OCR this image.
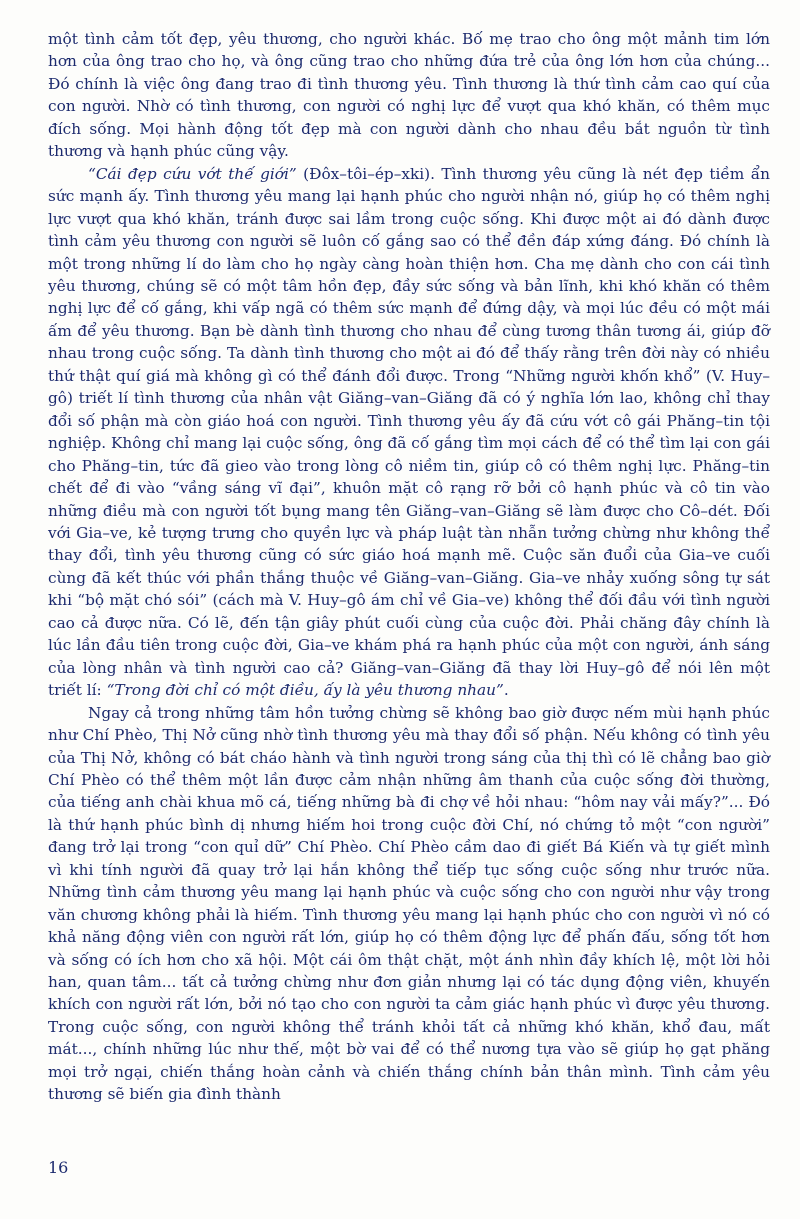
một tình cảm tốt đẹp, yêu thương, cho người khác. Bố mẹ trao cho ông một mảnh tim lớn hơn của ông trao cho họ, và ông cũng trao cho những đứa trẻ của ông lớn hơn của chúng... Đó chính là việc ông đang trao đi tình thương yêu. Tình thương là thứ tình cảm cao quí của con người. Nhờ có tình thương, con người có nghị lực để vượt qua khó khăn, có thêm mục đích sống. Mọi hành động tốt đẹp mà con người dành cho nhau đều bắt nguồn từ tình thương và hạnh phúc cũng vậy.

“Cái đẹp cứu vớt thế giới” (Đôx–tôi–ép–xki). Tình thương yêu cũng là nét đẹp tiềm ẩn sức mạnh ấy. Tình thương yêu mang lại hạnh phúc cho người nhận nó, giúp họ có thêm nghị lực vượt qua khó khăn, tránh được sai lầm trong cuộc sống. Khi được một ai đó dành được tình cảm yêu thương con người sẽ luôn cố gắng sao có thể đền đáp xứng đáng. Đó chính là một trong những lí do làm cho họ ngày càng hoàn thiện hơn. Cha mẹ dành cho con cái tình yêu thương, chúng sẽ có một tâm hồn đẹp, đầy sức sống và bản lĩnh, khi khó khăn có thêm nghị lực để cố gắng, khi vấp ngã có thêm sức mạnh để đứng dậy, và mọi lúc đều có một mái ấm để yêu thương. Bạn bè dành tình thương cho nhau để cùng tương thân tương ái, giúp đỡ nhau trong cuộc sống. Ta dành tình thương cho một ai đó để thấy rằng trên đời này có nhiều thứ thật quí giá mà không gì có thể đánh đổi được. Trong “Những người khốn khổ” (V. Huy–gô) triết lí tình thương của nhân vật Giăng–van–Giăng đã có ý nghĩa lớn lao, không chỉ thay đổi số phận mà còn giáo hoá con người. Tình thương yêu ấy đã cứu vớt cô gái Phăng–tin tội nghiệp. Không chỉ mang lại cuộc sống, ông đã cố gắng tìm mọi cách để có thể tìm lại con gái cho Phăng–tin, tức đã gieo vào trong lòng cô niềm tin, giúp cô có thêm nghị lực. Phăng–tin chết để đi vào “vầng sáng vĩ đại”, khuôn mặt cô rạng rỡ bởi cô hạnh phúc và cô tin vào những điều mà con người tốt bụng mang tên Giăng–van–Giăng sẽ làm được cho Cô–dét. Đối với Gia–ve, kẻ tượng trưng cho quyền lực và pháp luật tàn nhẫn tưởng chừng như không thể thay đổi, tình yêu thương cũng có sức giáo hoá mạnh mẽ. Cuộc săn đuổi của Gia–ve cuối cùng đã kết thúc với phần thắng thuộc về Giăng–van–Giăng. Gia–ve nhảy xuống sông tự sát khi “bộ mặt chó sói” (cách mà V. Huy–gô ám chỉ về Gia–ve) không thể đối đầu với tình người cao cả được nữa. Có lẽ, đến tận giây phút cuối cùng của cuộc đời. Phải chăng đây chính là lúc lần đầu tiên trong cuộc đời, Gia–ve khám phá ra hạnh phúc của một con người, ánh sáng của lòng nhân và tình người cao cả? Giăng–van–Giăng đã thay lời Huy–gô để nói lên một triết lí: “Trong đời chỉ có một điều, ấy là yêu thương nhau”.

Ngay cả trong những tâm hồn tưởng chừng sẽ không bao giờ được nếm mùi hạnh phúc như Chí Phèo, Thị Nở cũng nhờ tình thương yêu mà thay đổi số phận. Nếu không có tình yêu của Thị Nở, không có bát cháo hành và tình người trong sáng của thị thì có lẽ chẳng bao giờ Chí Phèo có thể thêm một lần được cảm nhận những âm thanh của cuộc sống đời thường, của tiếng anh chài khua mõ cá, tiếng những bà đi chợ về hỏi nhau: “hôm nay vải mấy?”... Đó là thứ hạnh phúc bình dị nhưng hiếm hoi trong cuộc đời Chí, nó chứng tỏ một “con người” đang trở lại trong “con quỉ dữ” Chí Phèo. Chí Phèo cầm dao đi giết Bá Kiến và tự giết mình vì khi tính người đã quay trở lại hắn không thể tiếp tục sống cuộc sống như trước nữa. Những tình cảm thương yêu mang lại hạnh phúc và cuộc sống cho con người như vậy trong văn chương không phải là hiếm. Tình thương yêu mang lại hạnh phúc cho con người vì nó có khả năng động viên con người rất lớn, giúp họ có thêm động lực để phấn đấu, sống tốt hơn và sống có ích hơn cho xã hội. Một cái ôm thật chặt, một ánh nhìn đầy khích lệ, một lời hỏi han, quan tâm... tất cả tưởng chừng như đơn giản nhưng lại có tác dụng động viên, khuyến khích con người rất lớn, bởi nó tạo cho con người ta cảm giác hạnh phúc vì được yêu thương. Trong cuộc sống, con người không thể tránh khỏi tất cả những khó khăn, khổ đau, mất mát..., chính những lúc như thế, một bờ vai để có thể nương tựa vào sẽ giúp họ gạt phăng mọi trở ngại, chiến thắng hoàn cảnh và chiến thắng chính bản thân mình. Tình cảm yêu thương sẽ biến gia đình thành

16
